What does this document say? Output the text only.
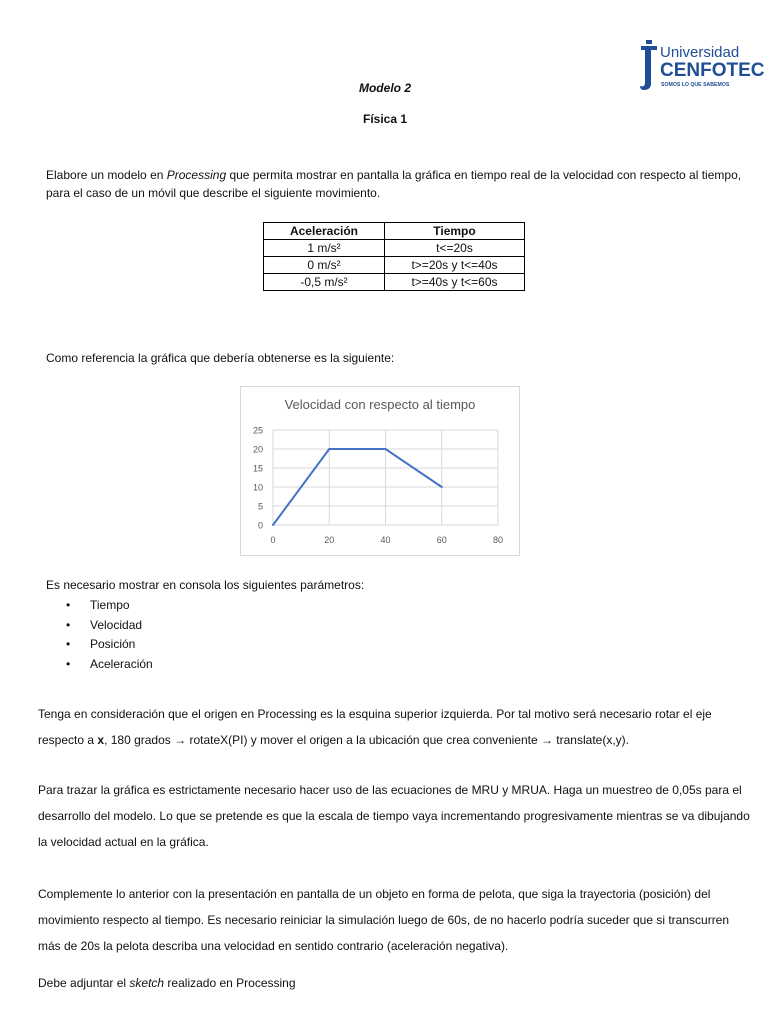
Universidad
CENFOTEC
SOMOS LO QUE SABEMOS
Modelo 2
Física 1
Elabore un modelo en Processing que permita mostrar en pantalla la gráfica en tiempo real de la velocidad con respecto al tiempo, para el caso de un móvil que describe el siguiente movimiento.
Aceleración	Tiempo
1 m/s²	t<=20s
0 m/s²	t>=20s y t<=40s
-0,5 m/s²	t>=40s y t<=60s
Como referencia la gráfica que debería obtenerse es la siguiente:
Velocidad con respecto al tiempo
0
5
10
15
20
25
0	20	40	60	80
Es necesario mostrar en consola los siguientes parámetros:
• Tiempo
• Velocidad
• Posición
• Aceleración
Tenga en consideración que el origen en Processing es la esquina superior izquierda. Por tal motivo será necesario rotar el eje respecto a x, 180 grados → rotateX(PI) y mover el origen a la ubicación que crea conveniente → translate(x,y).
Para trazar la gráfica es estrictamente necesario hacer uso de las ecuaciones de MRU y MRUA. Haga un muestreo de 0,05s para el desarrollo del modelo. Lo que se pretende es que la escala de tiempo vaya incrementando progresivamente mientras se va dibujando la velocidad actual en la gráfica.
Complemente lo anterior con la presentación en pantalla de un objeto en forma de pelota, que siga la trayectoria (posición) del movimiento respecto al tiempo. Es necesario reiniciar la simulación luego de 60s, de no hacerlo podría suceder que si transcurren más de 20s la pelota describa una velocidad en sentido contrario (aceleración negativa).
Debe adjuntar el sketch realizado en Processing
